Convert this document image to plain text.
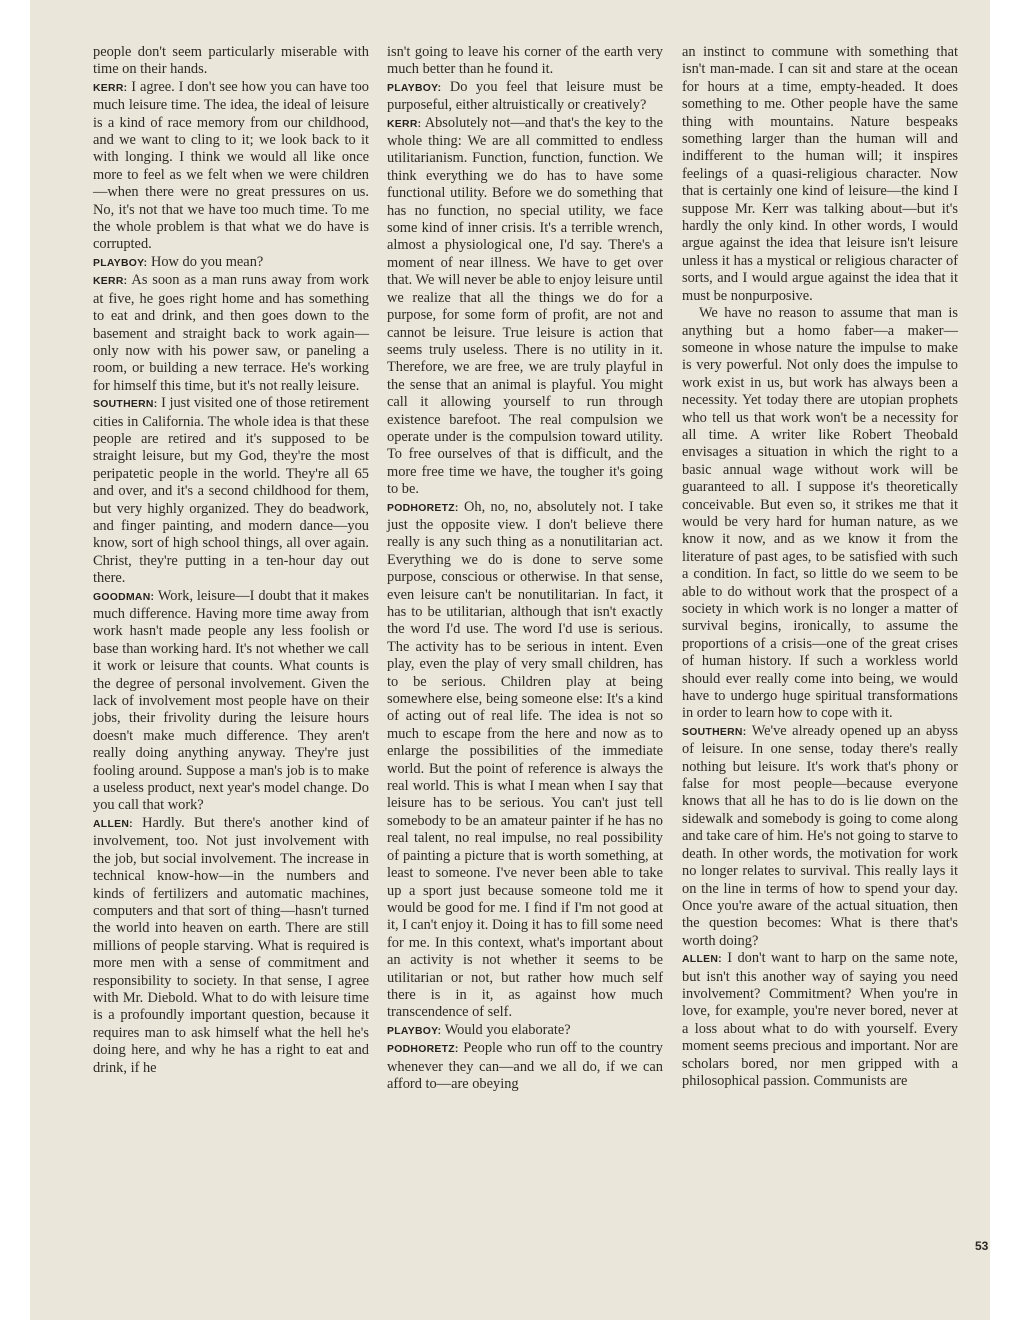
people don't seem particularly miserable with time on their hands.

KERR: I agree. I don't see how you can have too much leisure time. The idea, the ideal of leisure is a kind of race memory from our childhood, and we want to cling to it; we look back to it with longing. I think we would all like once more to feel as we felt when we were children—when there were no great pressures on us. No, it's not that we have too much time. To me the whole problem is that what we do have is corrupted.

PLAYBOY: How do you mean?

KERR: As soon as a man runs away from work at five, he goes right home and has something to eat and drink, and then goes down to the basement and straight back to work again—only now with his power saw, or paneling a room, or building a new terrace. He's working for himself this time, but it's not really leisure.

SOUTHERN: I just visited one of those retirement cities in California. The whole idea is that these people are retired and it's supposed to be straight leisure, but my God, they're the most peripatetic people in the world. They're all 65 and over, and it's a second childhood for them, but very highly organized. They do beadwork, and finger painting, and modern dance—you know, sort of high school things, all over again. Christ, they're putting in a ten-hour day out there.

GOODMAN: Work, leisure—I doubt that it makes much difference. Having more time away from work hasn't made people any less foolish or base than working hard. It's not whether we call it work or leisure that counts. What counts is the degree of personal involvement. Given the lack of involvement most people have on their jobs, their frivolity during the leisure hours doesn't make much difference. They aren't really doing anything anyway. They're just fooling around. Suppose a man's job is to make a useless product, next year's model change. Do you call that work?

ALLEN: Hardly. But there's another kind of involvement, too. Not just involvement with the job, but social involvement. The increase in technical know-how—in the numbers and kinds of fertilizers and automatic machines, computers and that sort of thing—hasn't turned the world into heaven on earth. There are still millions of people starving. What is required is more men with a sense of commitment and responsibility to society. In that sense, I agree with Mr. Diebold. What to do with leisure time is a profoundly important question, because it requires man to ask himself what the hell he's doing here, and why he has a right to eat and drink, if he

isn't going to leave his corner of the earth very much better than he found it.

PLAYBOY: Do you feel that leisure must be purposeful, either altruistically or creatively?

KERR: Absolutely not—and that's the key to the whole thing: We are all committed to endless utilitarianism. Function, function, function. We think everything we do has to have some functional utility. Before we do something that has no function, no special utility, we face some kind of inner crisis. It's a terrible wrench, almost a physiological one, I'd say. There's a moment of near illness. We have to get over that. We will never be able to enjoy leisure until we realize that all the things we do for a purpose, for some form of profit, are not and cannot be leisure. True leisure is action that seems truly useless. There is no utility in it. Therefore, we are free, we are truly playful in the sense that an animal is playful. You might call it allowing yourself to run through existence barefoot. The real compulsion we operate under is the compulsion toward utility. To free ourselves of that is difficult, and the more free time we have, the tougher it's going to be.

PODHORETZ: Oh, no, no, absolutely not. I take just the opposite view. I don't believe there really is any such thing as a nonutilitarian act. Everything we do is done to serve some purpose, conscious or otherwise. In that sense, even leisure can't be nonutilitarian. In fact, it has to be utilitarian, although that isn't exactly the word I'd use. The word I'd use is serious. The activity has to be serious in intent. Even play, even the play of very small children, has to be serious. Children play at being somewhere else, being someone else: It's a kind of acting out of real life. The idea is not so much to escape from the here and now as to enlarge the possibilities of the immediate world. But the point of reference is always the real world. This is what I mean when I say that leisure has to be serious. You can't just tell somebody to be an amateur painter if he has no real talent, no real impulse, no real possibility of painting a picture that is worth something, at least to someone. I've never been able to take up a sport just because someone told me it would be good for me. I find if I'm not good at it, I can't enjoy it. Doing it has to fill some need for me. In this context, what's important about an activity is not whether it seems to be utilitarian or not, but rather how much self there is in it, as against how much transcendence of self.

PLAYBOY: Would you elaborate?

PODHORETZ: People who run off to the country whenever they can—and we all do, if we can afford to—are obeying

an instinct to commune with something that isn't man-made. I can sit and stare at the ocean for hours at a time, empty-headed. It does something to me. Other people have the same thing with mountains. Nature bespeaks something larger than the human will and indifferent to the human will; it inspires feelings of a quasi-religious character. Now that is certainly one kind of leisure—the kind I suppose Mr. Kerr was talking about—but it's hardly the only kind. In other words, I would argue against the idea that leisure isn't leisure unless it has a mystical or religious character of sorts, and I would argue against the idea that it must be nonpurposive.

We have no reason to assume that man is anything but a homo faber—a maker—someone in whose nature the impulse to make is very powerful. Not only does the impulse to work exist in us, but work has always been a necessity. Yet today there are utopian prophets who tell us that work won't be a necessity for all time. A writer like Robert Theobald envisages a situation in which the right to a basic annual wage without work will be guaranteed to all. I suppose it's theoretically conceivable. But even so, it strikes me that it would be very hard for human nature, as we know it now, and as we know it from the literature of past ages, to be satisfied with such a condition. In fact, so little do we seem to be able to do without work that the prospect of a society in which work is no longer a matter of survival begins, ironically, to assume the proportions of a crisis—one of the great crises of human history. If such a workless world should ever really come into being, we would have to undergo huge spiritual transformations in order to learn how to cope with it.

SOUTHERN: We've already opened up an abyss of leisure. In one sense, today there's really nothing but leisure. It's work that's phony or false for most people—because everyone knows that all he has to do is lie down on the sidewalk and somebody is going to come along and take care of him. He's not going to starve to death. In other words, the motivation for work no longer relates to survival. This really lays it on the line in terms of how to spend your day. Once you're aware of the actual situation, then the question becomes: What is there that's worth doing?

ALLEN: I don't want to harp on the same note, but isn't this another way of saying you need involvement? Commitment? When you're in love, for example, you're never bored, never at a loss about what to do with yourself. Every moment seems precious and important. Nor are scholars bored, nor men gripped with a philosophical passion. Communists are

53
